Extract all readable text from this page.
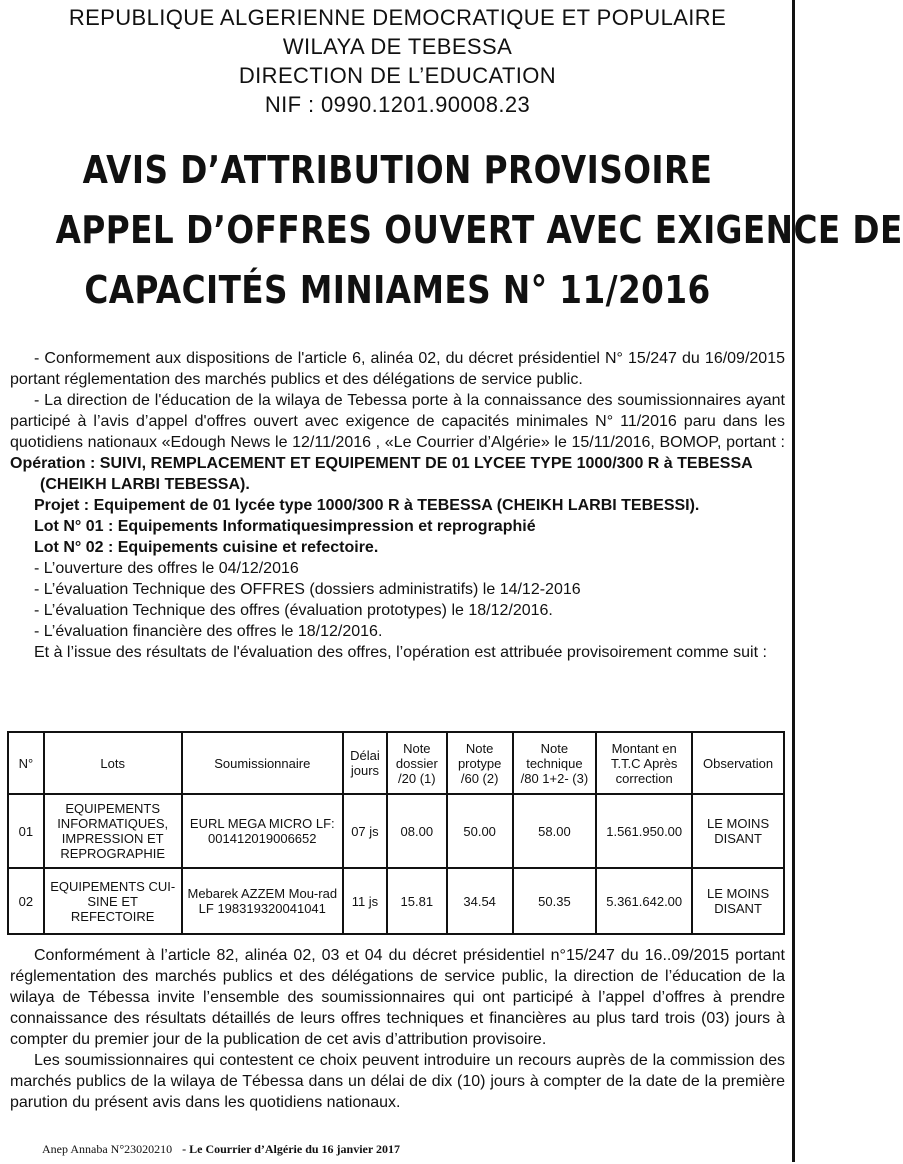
REPUBLIQUE ALGERIENNE DEMOCRATIQUE ET POPULAIRE
WILAYA DE TEBESSA
DIRECTION DE L’EDUCATION
NIF : 0990.1201.90008.23
AVIS D’ATTRIBUTION PROVISOIRE
APPEL D’OFFRES OUVERT AVEC EXIGENCE DE
CAPACITÉS MINIAMES N° 11/2016

- Conformement aux dispositions de l'article 6, alinéa 02, du décret présidentiel N° 15/247 du 16/09/2015 portant réglementation des marchés publics et des délégations de service public.

- La direction de l'éducation de la wilaya de Tebessa porte à la connaissance des soumissionnaires ayant participé à l’avis d’appel d'offres ouvert avec exigence de capacités minimales N° 11/2016 paru dans les quotidiens nationaux «Edough News le 12/11/2016 , «Le Courrier d’Algérie» le 15/11/2016, BOMOP, portant : Opération : SUIVI, REMPLACEMENT ET EQUIPEMENT DE 01 LYCEE TYPE 1000/300 R à TEBESSA

(CHEIKH LARBI TEBESSA).

Projet : Equipement de 01 lycée type 1000/300 R à TEBESSA (CHEIKH LARBI TEBESSI).

Lot N° 01 : Equipements Informatiquesimpression et reprographié

Lot N° 02 : Equipements cuisine et refectoire.

- L’ouverture des offres le 04/12/2016

- L’évaluation Technique des OFFRES (dossiers administratifs) le 14/12-2016

- L’évaluation Technique des offres (évaluation prototypes) le 18/12/2016.

- L’évaluation financière des offres le 18/12/2016.

Et à l’issue des résultats de l'évaluation des offres, l’opération est attribuée provisoirement comme suit :

N°	Lots	Soumissionnaire	Délai jours	Note dossier /20 (1)	Note protype /60 (2)	Note technique /80 1+2- (3)	Montant en T.T.C Après correction	Observation
01	EQUIPEMENTS INFORMATIQUES, IMPRESSION ET REPROGRAPHIE	EURL MEGA MICRO LF: 001412019006652	07 js	08.00	50.00	58.00	1.561.950.00	LE MOINS DISANT
02	EQUIPEMENTS CUI-SINE ET REFECTOIRE	Mebarek AZZEM Mou-rad LF 198319320041041	11 js	15.81	34.54	50.35	5.361.642.00	LE MOINS DISANT

Conformément à l’article 82, alinéa 02, 03 et 04 du décret présidentiel n°15/247 du 16..09/2015 portant réglementation des marchés publics et des délégations de service public, la direction de l’éducation de la wilaya de Tébessa invite l’ensemble des soumissionnaires qui ont participé à l’appel d’offres à prendre connaissance des résultats détaillés de leurs offres techniques et financières au plus tard trois (03) jours à compter du premier jour de la publication de cet avis d’attribution provisoire.

Les soumissionnaires qui contestent ce choix peuvent introduire un recours auprès de la commission des marchés publics de la wilaya de Tébessa dans un délai de dix (10) jours à compter de la date de la première parution du présent avis dans les quotidiens nationaux.

Anep Annaba N°23020210 - Le Courrier d’Algérie du 16 janvier 2017
